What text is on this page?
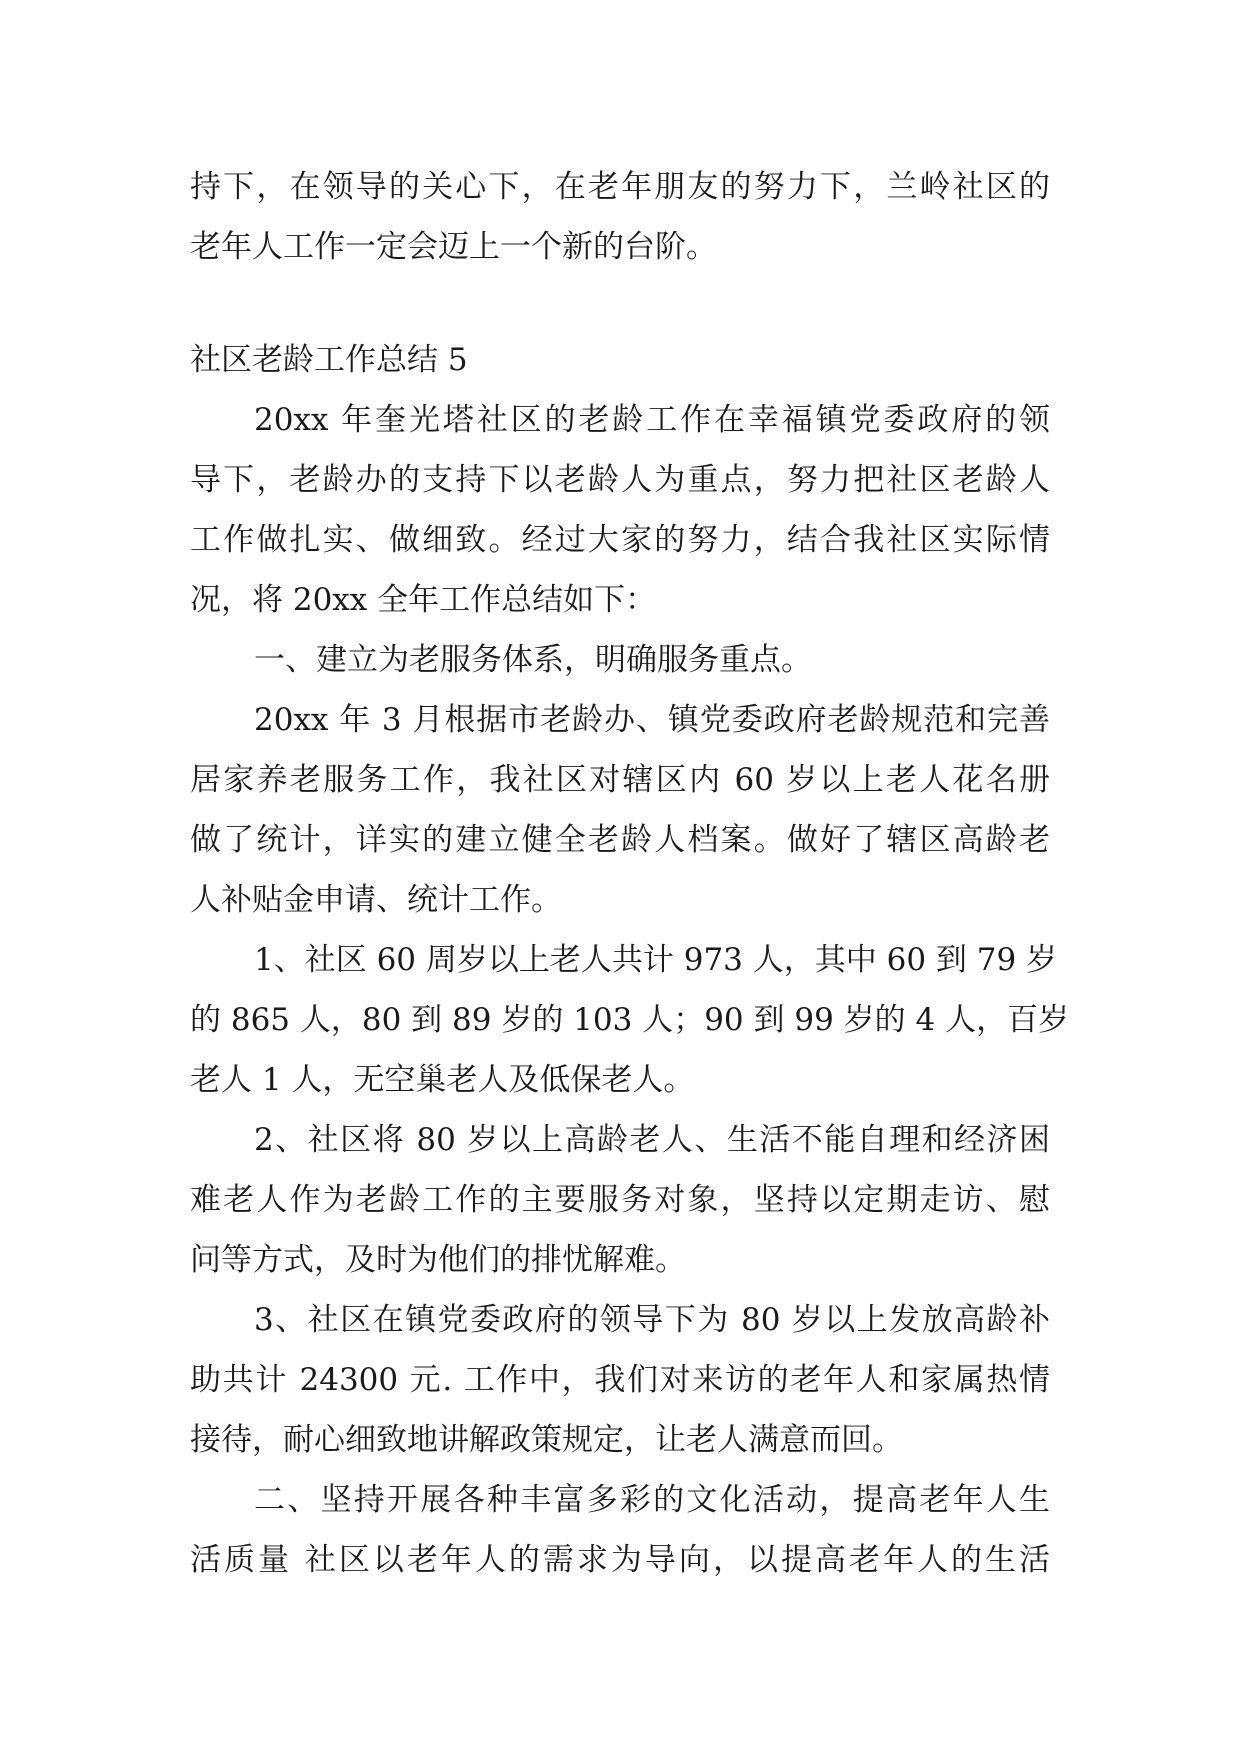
持下，在领导的关心下，在老年朋友的努力下，兰岭社区的
老年人工作一定会迈上一个新的台阶。
社区老龄工作总结 5
20xx 年奎光塔社区的老龄工作在幸福镇党委政府的领
导下，老龄办的支持下以老龄人为重点，努力把社区老龄人
工作做扎实、做细致。经过大家的努力，结合我社区实际情
况，将 20xx 全年工作总结如下：
一、建立为老服务体系，明确服务重点。
20xx 年 3 月根据市老龄办、镇党委政府老龄规范和完善
居家养老服务工作，我社区对辖区内 60 岁以上老人花名册
做了统计，详实的建立健全老龄人档案。做好了辖区高龄老
人补贴金申请、统计工作。
1、社区 60 周岁以上老人共计 973 人，其中 60 到 79 岁
的 865 人，80 到 89 岁的 103 人；90 到 99 岁的 4 人，百岁
老人 1 人，无空巢老人及低保老人。
2、社区将 80 岁以上高龄老人、生活不能自理和经济困
难老人作为老龄工作的主要服务对象，坚持以定期走访、慰
问等方式，及时为他们的排忧解难。
3、社区在镇党委政府的领导下为 80 岁以上发放高龄补
助共计 24300 元. 工作中，我们对来访的老年人和家属热情
接待，耐心细致地讲解政策规定，让老人满意而回。
二、坚持开展各种丰富多彩的文化活动，提高老年人生
活质量 社区以老年人的需求为导向，以提高老年人的生活
